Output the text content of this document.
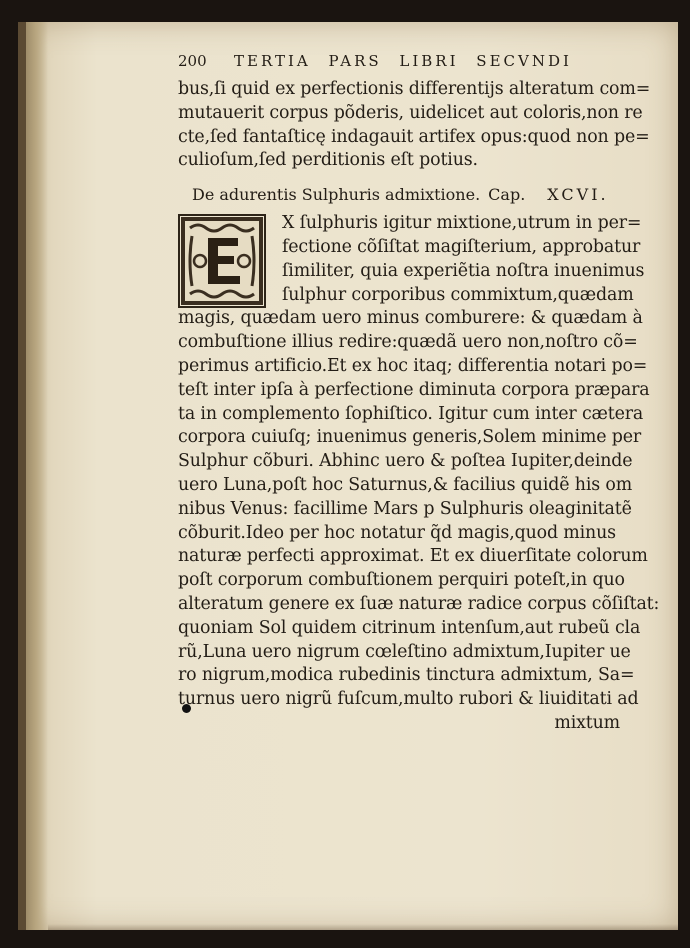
200	TERTIA PARS LIBRI SECVNDI
bus,ſi quid ex perfectionis differentijs alteratum com=
mutauerit corpus põderis, uidelicet aut coloris,non re
cte,ſed fantaſticę indagauit artifex opus:quod non pe=
culioſum,ſed perditionis eſt potius.
De adurentis Sulphuris admixtione. Cap. XCVI.
X ſulphuris igitur mixtione,utrum in per=
fectione cõſiſtat magiſterium, approbatur
ſimiliter, quia experiẽtia noſtra inuenimus
ſulphur corporibus commixtum,quædam
magis, quædam uero minus comburere: & quædam à
combuſtione illius redire:quædã uero non,noſtro cõ=
perimus artificio.Et ex hoc itaq; differentia notari po=
teſt inter ipſa à perfectione diminuta corpora præpara
ta in complemento ſophiſtico. Igitur cum inter cætera
corpora cuiuſq; inuenimus generis,Solem minime per
Sulphur cõburi. Abhinc uero & poſtea Iupiter,deinde
uero Luna,poſt hoc Saturnus,& facilius quidẽ his om
nibus Venus: facillime Mars p Sulphuris oleaginitatẽ
cõburit.Ideo per hoc notatur q̃d magis,quod minus
naturæ perfecti approximat. Et ex diuerſitate colorum
poſt corporum combuſtionem perquiri poteſt,in quo
alteratum genere ex ſuæ naturæ radice corpus cõſiſtat:
quoniam Sol quidem citrinum intenſum,aut rubeũ cla
rũ,Luna uero nigrum cœleſtino admixtum,Iupiter ue
ro nigrum,modica rubedinis tinctura admixtum, Sa=
turnus uero nigrũ fuſcum,multo rubori & liuiditati ad
mixtum
